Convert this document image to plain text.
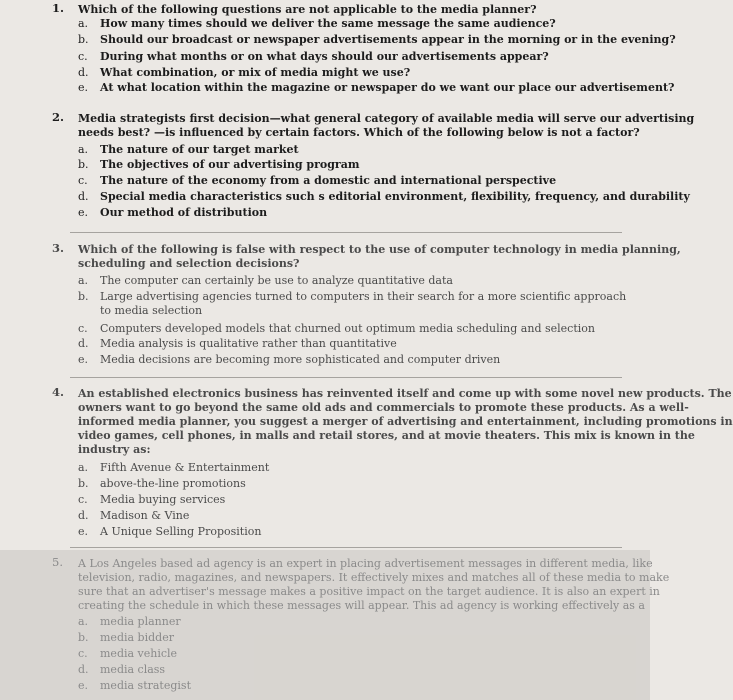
1. Which of the following questions are not applicable to the media planner?
a. How many times should we deliver the same message the same audience?
b. Should our broadcast or newspaper advertisements appear in the morning or in the evening?
c. During what months or on what days should our advertisements appear?
d. What combination, or mix of media might we use?
e. At what location within the magazine or newspaper do we want our place our advertisement?
2. Media strategists first decision—what general category of available media will serve our advertising
needs best? —is influenced by certain factors. Which of the following below is not a factor?
a. The nature of our target market
b. The objectives of our advertising program
c. The nature of the economy from a domestic and international perspective
d. Special media characteristics such s editorial environment, flexibility, frequency, and durability
e. Our method of distribution
3. Which of the following is false with respect to the use of computer technology in media planning,
scheduling and selection decisions?
a. The computer can certainly be use to analyze quantitative data
b. Large advertising agencies turned to computers in their search for a more scientific approach
to media selection
c. Computers developed models that churned out optimum media scheduling and selection
d. Media analysis is qualitative rather than quantitative
e. Media decisions are becoming more sophisticated and computer driven
4. An established electronics business has reinvented itself and come up with some novel new products. The
owners want to go beyond the same old ads and commercials to promote these products. As a well-
informed media planner, you suggest a merger of advertising and entertainment, including promotions in
video games, cell phones, in malls and retail stores, and at movie theaters. This mix is known in the
industry as:
a. Fifth Avenue & Entertainment
b. above-the-line promotions
c. Media buying services
d. Madison & Vine
e. A Unique Selling Proposition
5. A Los Angeles based ad agency is an expert in placing advertisement messages in different media, like
television, radio, magazines, and newspapers. It effectively mixes and matches all of these media to make
sure that an advertiser's message makes a positive impact on the target audience. It is also an expert in
creating the schedule in which these messages will appear. This ad agency is working effectively as a
a. media planner
b. media bidder
c. media vehicle
d. media class
e. media strategist
